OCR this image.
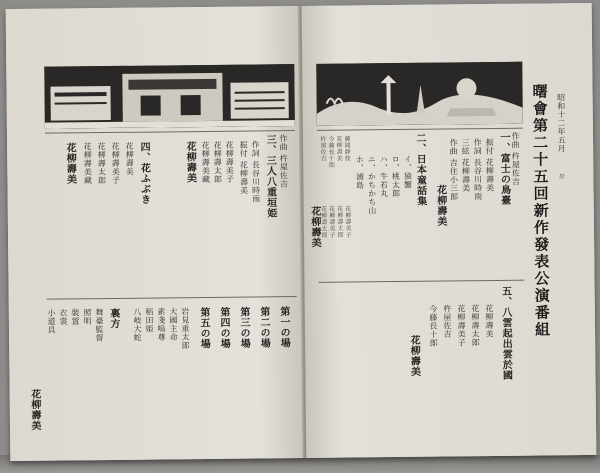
三、三人八重垣姫 作曲 杵屋佐吉
作詞 長谷川時雨
振付 花柳壽美
花柳壽美子
花柳壽太郎
花柳壽美藏
花柳壽美
四、花ふぶき
花柳壽美
花柳壽美子
花柳壽太郎
花柳壽美藏
花柳壽美
第一の場
第二の場
第三の場
第四の場
第五の場
岩見重太郎
大國主命
素戔嗚尊
稻田姫
八岐大蛇
裏方
舞臺監督
照明
裝置
衣裳
小道具
花柳壽美
曙會第二十五回新作發表公演番組 昭和十二年五月
於
一、富士の鳥臺 作曲 杵屋佐吉
振付 花柳壽美
作詞 長谷川時雨
三絃 花柳壽美
作曲 吉住小三郎
花柳壽美
二、日本童話集
イ、猿蟹
ロ、桃太郎
ハ、牛若丸
ニ、かちかち山
ホ、浦島
藤間静枝
花柳壽美
今藤長十郎
杵屋佐吉
花柳壽美子
花柳壽太郎
花柳壽美子
花柳壽太郎
花柳壽美
五、八雲起出雲於國
花柳壽美
花柳壽太郎
花柳壽美子
杵屋佐吉
今藤長十郎
花柳壽美
